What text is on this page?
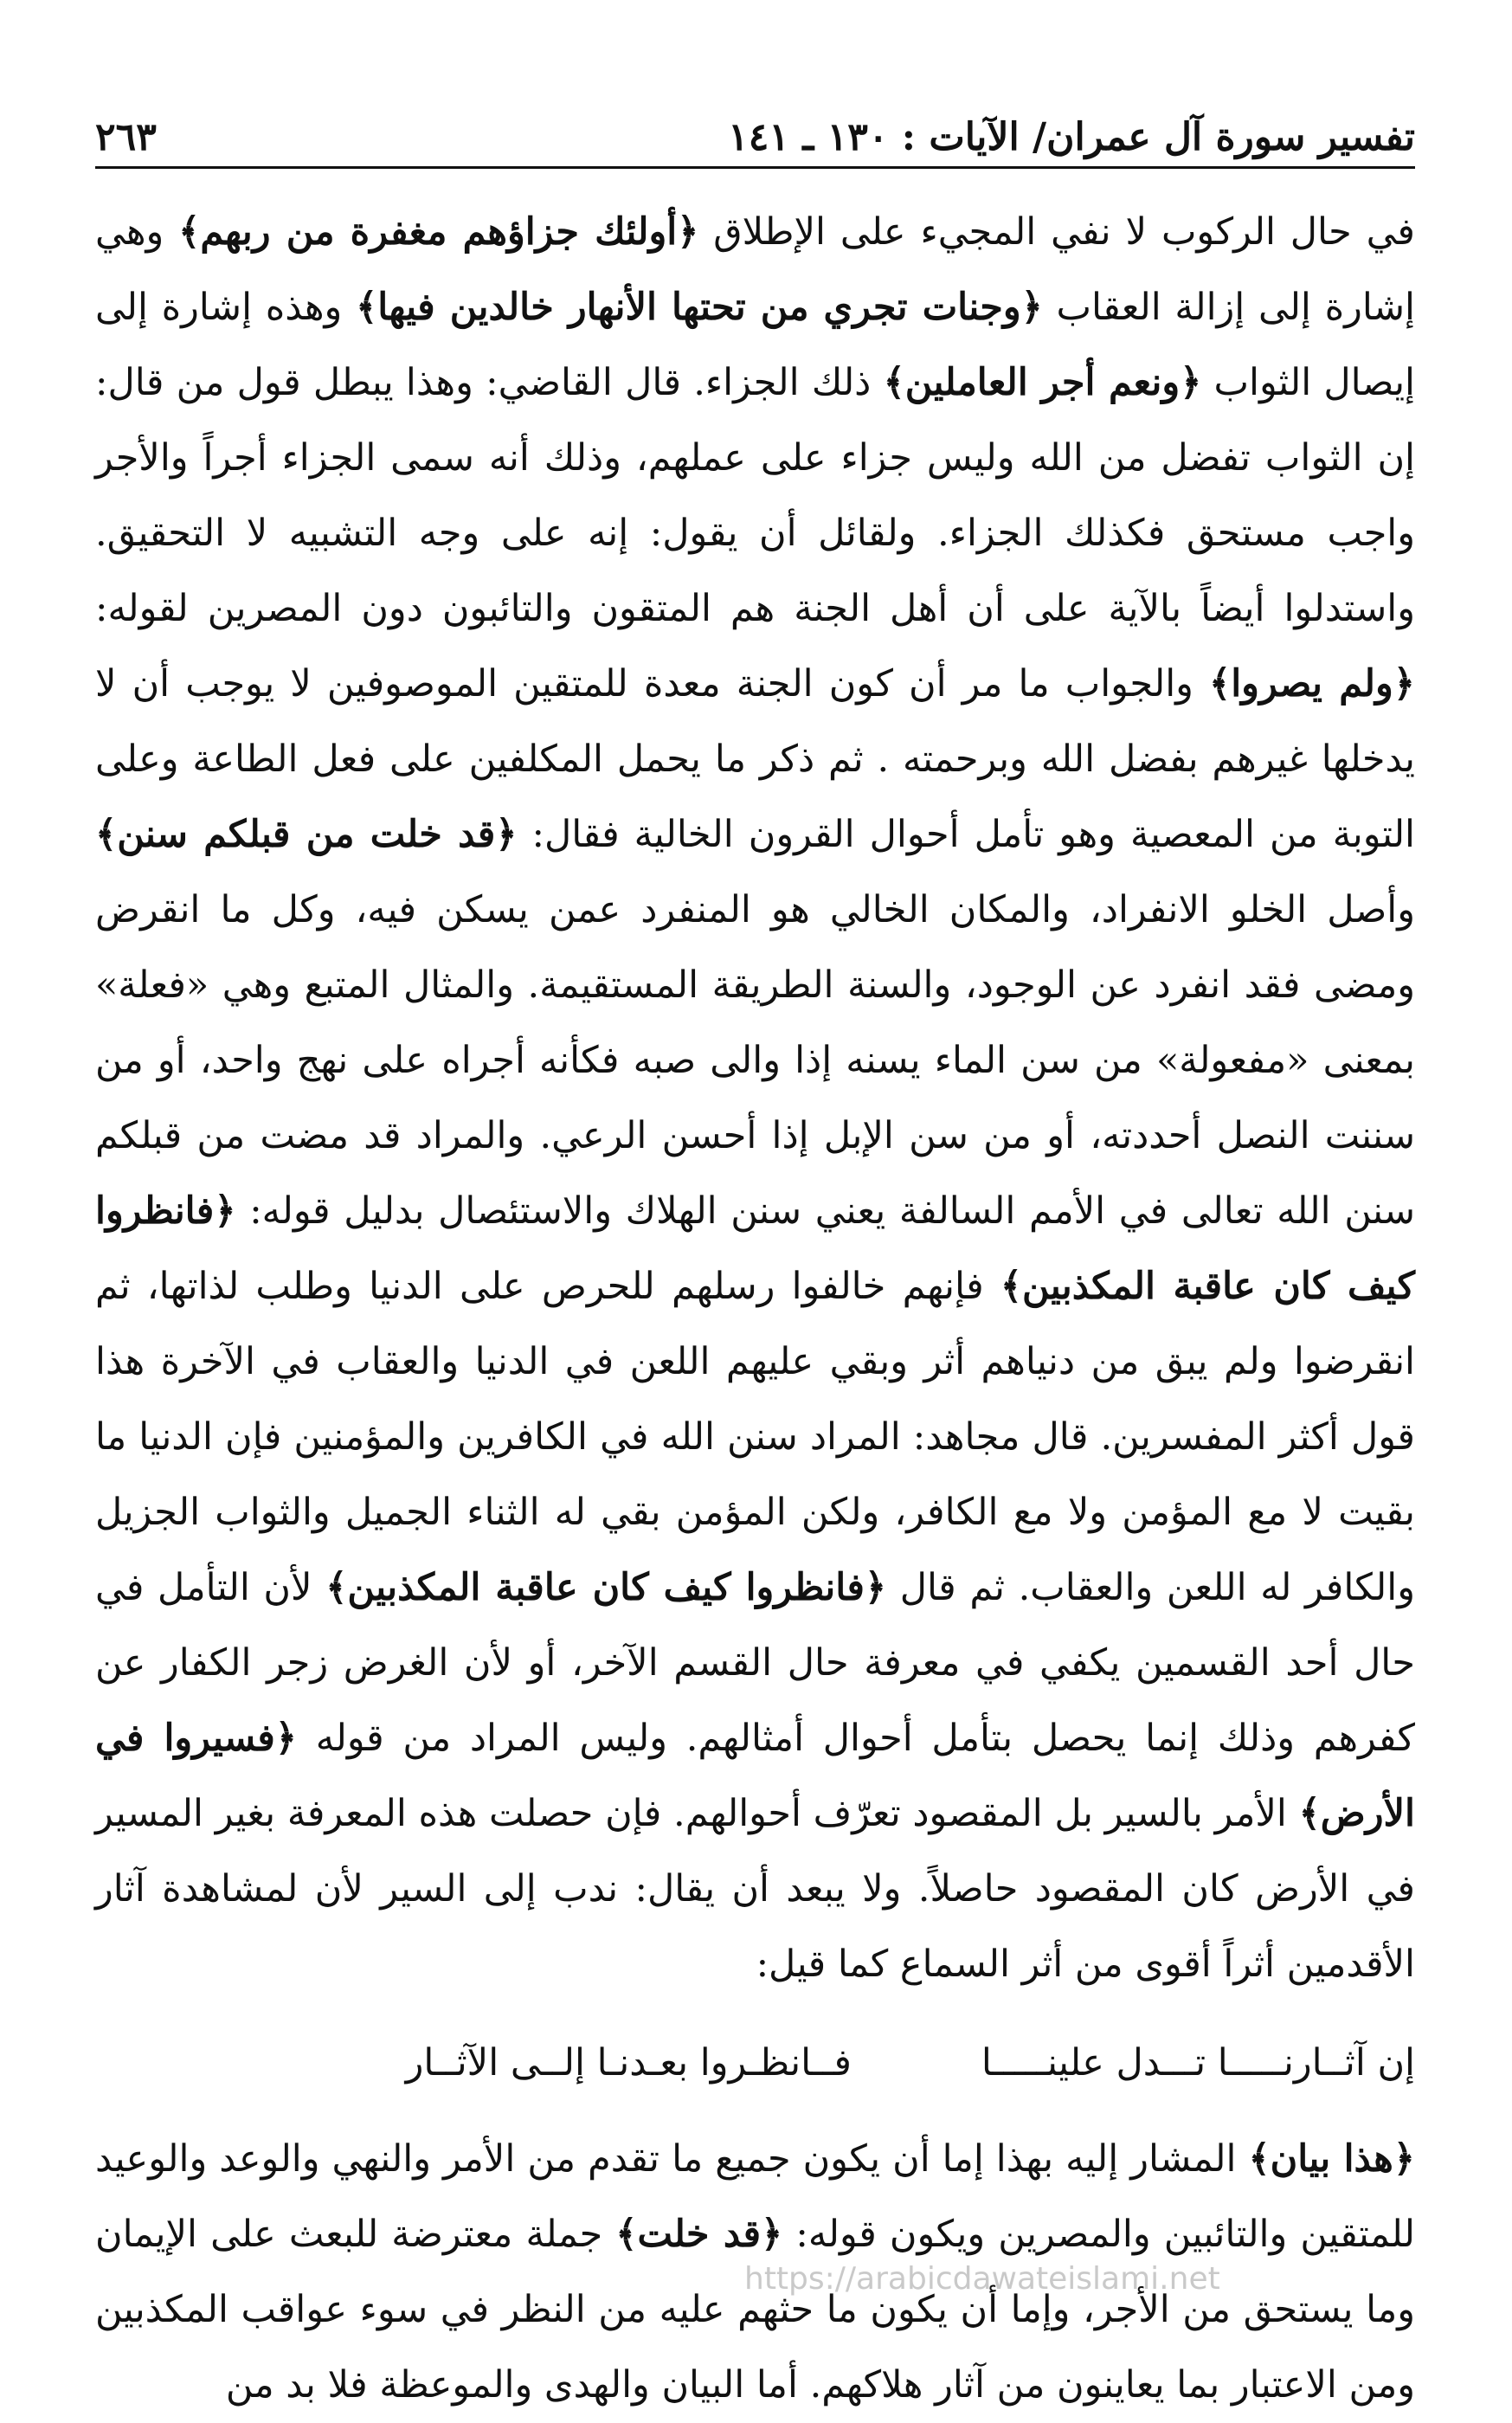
تفسير سورة آل عمران/ الآيات : ١٣٠ ـ ١٤١
٢٦٣

في حال الركوب لا نفي المجيء على الإطلاق ﴿أولئك جزاؤهم مغفرة من ربهم﴾ وهي إشارة إلى إزالة العقاب ﴿وجنات تجري من تحتها الأنهار خالدين فيها﴾ وهذه إشارة إلى إيصال الثواب ﴿ونعم أجر العاملين﴾ ذلك الجزاء. قال القاضي: وهذا يبطل قول من قال: إن الثواب تفضل من الله وليس جزاء على عملهم، وذلك أنه سمى الجزاء أجراً والأجر واجب مستحق فكذلك الجزاء. ولقائل أن يقول: إنه على وجه التشبيه لا التحقيق. واستدلوا أيضاً بالآية على أن أهل الجنة هم المتقون والتائبون دون المصرين لقوله: ﴿ولم يصروا﴾ والجواب ما مر أن كون الجنة معدة للمتقين الموصوفين لا يوجب أن لا يدخلها غيرهم بفضل الله وبرحمته . ثم ذكر ما يحمل المكلفين على فعل الطاعة وعلى التوبة من المعصية وهو تأمل أحوال القرون الخالية فقال: ﴿قد خلت من قبلكم سنن﴾ وأصل الخلو الانفراد، والمكان الخالي هو المنفرد عمن يسكن فيه، وكل ما انقرض ومضى فقد انفرد عن الوجود، والسنة الطريقة المستقيمة. والمثال المتبع وهي «فعلة» بمعنى «مفعولة» من سن الماء يسنه إذا والى صبه فكأنه أجراه على نهج واحد، أو من سننت النصل أحددته، أو من سن الإبل إذا أحسن الرعي. والمراد قد مضت من قبلكم سنن الله تعالى في الأمم السالفة يعني سنن الهلاك والاستئصال بدليل قوله: ﴿فانظروا كيف كان عاقبة المكذبين﴾ فإنهم خالفوا رسلهم للحرص على الدنيا وطلب لذاتها، ثم انقرضوا ولم يبق من دنياهم أثر وبقي عليهم اللعن في الدنيا والعقاب في الآخرة هذا قول أكثر المفسرين. قال مجاهد: المراد سنن الله في الكافرين والمؤمنين فإن الدنيا ما بقيت لا مع المؤمن ولا مع الكافر، ولكن المؤمن بقي له الثناء الجميل والثواب الجزيل والكافر له اللعن والعقاب. ثم قال ﴿فانظروا كيف كان عاقبة المكذبين﴾ لأن التأمل في حال أحد القسمين يكفي في معرفة حال القسم الآخر، أو لأن الغرض زجر الكفار عن كفرهم وذلك إنما يحصل بتأمل أحوال أمثالهم. وليس المراد من قوله ﴿فسيروا في الأرض﴾ الأمر بالسير بل المقصود تعرّف أحوالهم. فإن حصلت هذه المعرفة بغير المسير في الأرض كان المقصود حاصلاً. ولا يبعد أن يقال: ندب إلى السير لأن لمشاهدة آثار الأقدمين أثراً أقوى من أثر السماع كما قيل:

إن آثــارنـــــا تـــدل علينـــــا
فــانظـروا بعـدنـا إلــى الآثــار

﴿هذا بيان﴾ المشار إليه بهذا إما أن يكون جميع ما تقدم من الأمر والنهي والوعد والوعيد للمتقين والتائبين والمصرين ويكون قوله: ﴿قد خلت﴾ جملة معترضة للبعث على الإيمان وما يستحق من الأجر، وإما أن يكون ما حثهم عليه من النظر في سوء عواقب المكذبين ومن الاعتبار بما يعاينون من آثار هلاكهم. أما البيان والهدى والموعظة فلا بد من

https://arabicdawateislami.net
